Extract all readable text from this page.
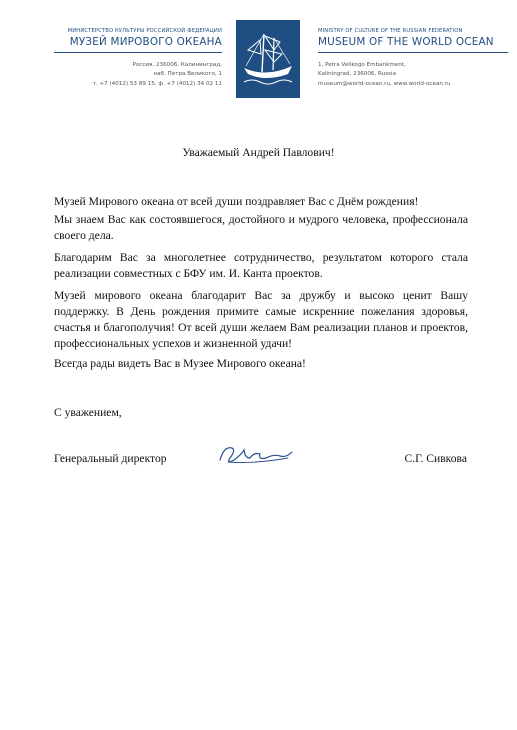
МИНИСТЕРСТВО КУЛЬТУРЫ РОССИЙСКОЙ ФЕДЕРАЦИИ
МУЗЕЙ МИРОВОГО ОКЕАНА
Россия, 236006, Калининград,
наб. Петра Великого, 1
т. +7 (4012) 53 89 15, ф. +7 (4012) 34 02 11
MINISTRY OF CULTURE OF THE RUSSIAN FEDERATION
MUSEUM OF THE WORLD OCEAN
1, Petra Velikogo Embankment,
Kaliningrad, 236006, Russia
museum@world-ocean.ru, www.world-ocean.ru
Уважаемый Андрей Павлович!

Музей Мирового океана от всей души поздравляет Вас с Днём рождения!

Мы знаем Вас как состоявшегося, достойного и мудрого человека, профессионала своего дела.

Благодарим Вас за многолетнее сотрудничество, результатом которого стала реализации совместных с БФУ им. И. Канта проектов.

Музей мирового океана благодарит Вас за дружбу и высоко ценит Вашу поддержку. В День рождения примите самые искренние пожелания здоровья, счастья и благополучия! От всей души желаем Вам реализации планов и проектов, профессиональных успехов и жизненной удачи!

Всегда рады видеть Вас в Музее Мирового океана!

С уважением,
Генеральный директор	С.Г. Сивкова
